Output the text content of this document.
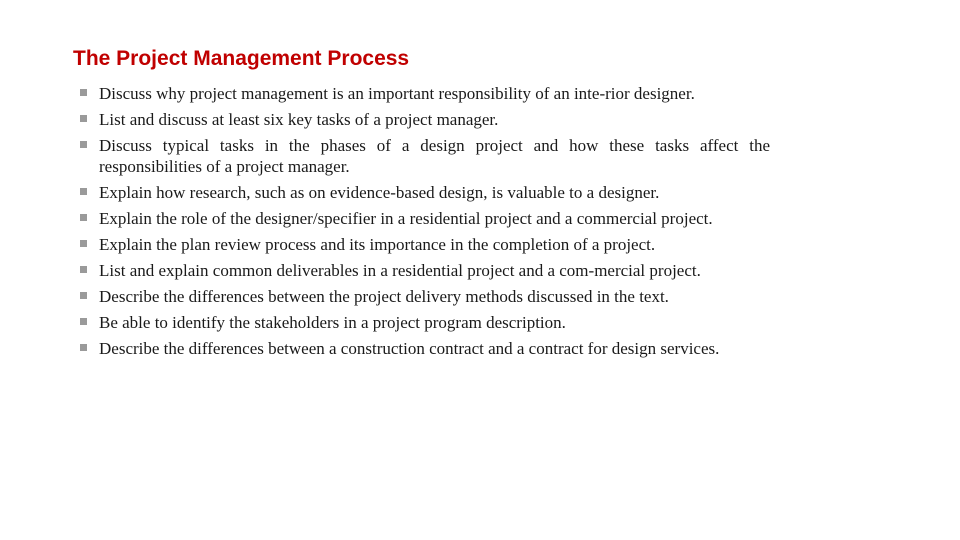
The Project Management Process
Discuss why project management is an important responsibility of an inte-rior designer.
List and discuss at least six key tasks of a project manager.
Discuss typical tasks in the phases of a design project and how these tasks affect the responsibilities of a project manager.
Explain how research, such as on evidence-based design, is valuable to a designer.
Explain the role of the designer/specifier in a residential project and a commercial project.
Explain the plan review process and its importance in the completion of a project.
List and explain common deliverables in a residential project and a com-mercial project.
Describe the differences between the project delivery methods discussed in the text.
Be able to identify the stakeholders in a project program description.
Describe the differences between a construction contract and a contract for design services.
